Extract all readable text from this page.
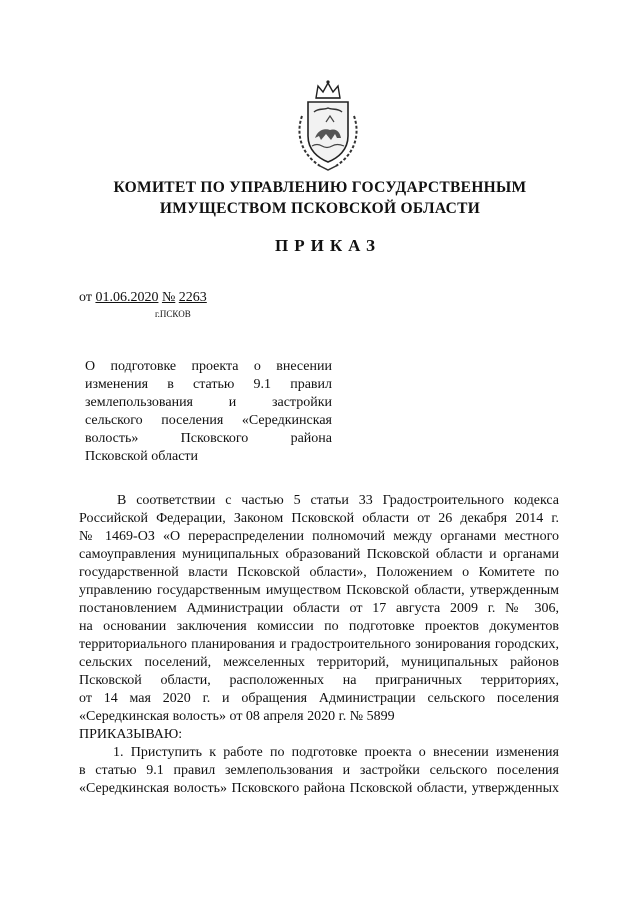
КОМИТЕТ ПО УПРАВЛЕНИЮ ГОСУДАРСТВЕННЫМ
ИМУЩЕСТВОМ ПСКОВСКОЙ ОБЛАСТИ
ПРИКАЗ
от 01.06.2020 № 2263
г.ПСКОВ
О подготовке проекта о внесении
изменения в статью 9.1 правил
землепользования и застройки
сельского поселения «Середкинская
волость» Псковского района
Псковской области
В соответствии с частью 5 статьи 33 Градостроительного кодекса
Российской Федерации, Законом Псковской области от 26 декабря 2014 г.
№ 1469-ОЗ «О перераспределении полномочий между органами местного
самоуправления муниципальных образований Псковской области и органами
государственной власти Псковской области», Положением о Комитете по
управлению государственным имуществом Псковской области, утвержденным
постановлением Администрации области от 17 августа 2009 г. № 306,
на основании заключения комиссии по подготовке проектов документов
территориального планирования и градостроительного зонирования городских,
сельских поселений, межселенных территорий, муниципальных районов
Псковской области, расположенных на приграничных территориях,
от 14 мая 2020 г. и обращения Администрации сельского поселения
«Середкинская волость» от 08 апреля 2020 г. № 5899
ПРИКАЗЫВАЮ:
1. Приступить к работе по подготовке проекта о внесении изменения
в статью 9.1 правил землепользования и застройки сельского поселения
«Середкинская волость» Псковского района Псковской области, утвержденных
